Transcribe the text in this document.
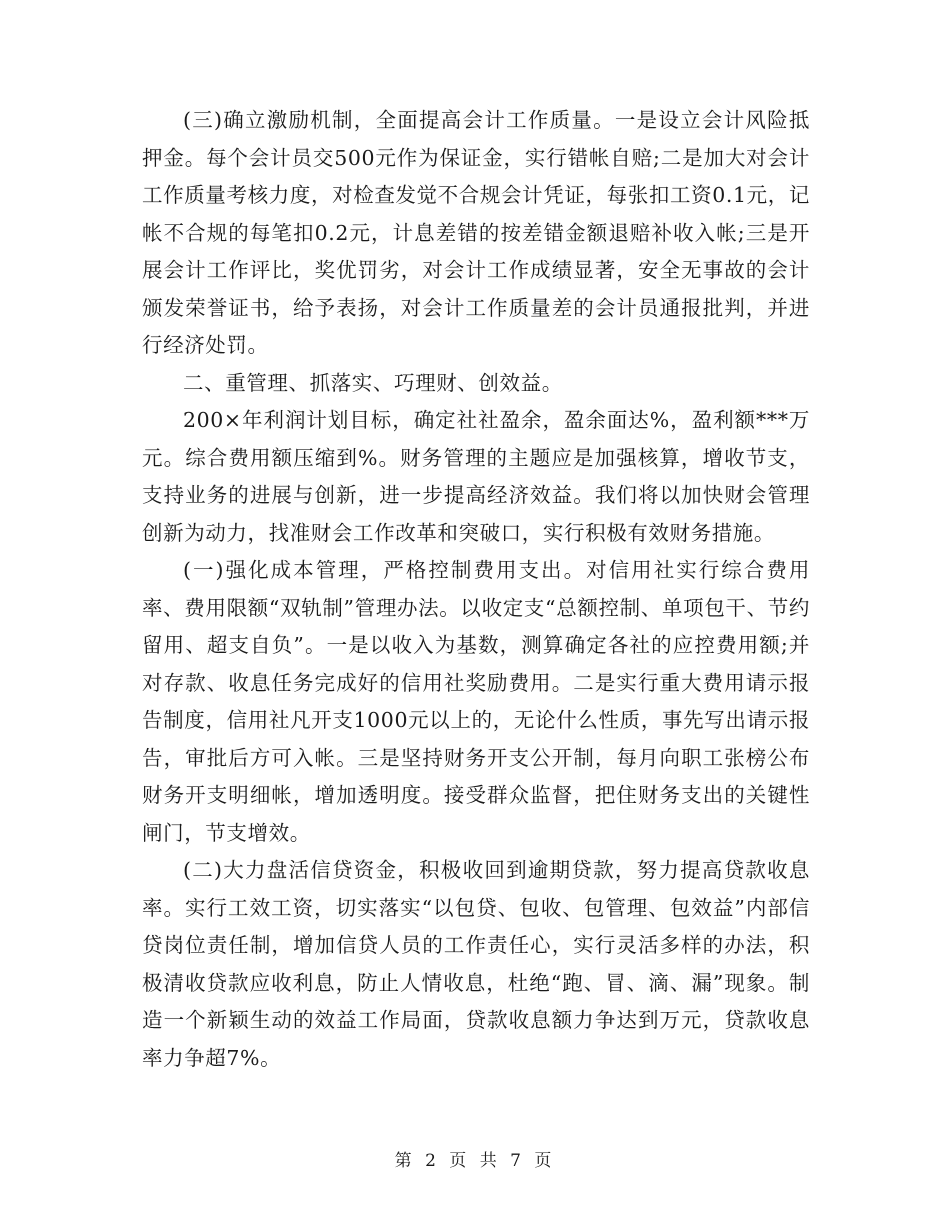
(三)确立激励机制，全面提高会计工作质量。一是设立会计风险抵押金。每个会计员交500元作为保证金，实行错帐自赔;二是加大对会计工作质量考核力度，对检查发觉不合规会计凭证，每张扣工资0.1元，记帐不合规的每笔扣0.2元，计息差错的按差错金额退赔补收入帐;三是开展会计工作评比，奖优罚劣，对会计工作成绩显著，安全无事故的会计颁发荣誉证书，给予表扬，对会计工作质量差的会计员通报批判，并进行经济处罚。

二、重管理、抓落实、巧理财、创效益。

200×年利润计划目标，确定社社盈余，盈余面达%，盈利额***万元。综合费用额压缩到%。财务管理的主题应是加强核算，增收节支，支持业务的进展与创新，进一步提高经济效益。我们将以加快财会管理创新为动力，找准财会工作改革和突破口，实行积极有效财务措施。

(一)强化成本管理，严格控制费用支出。对信用社实行综合费用率、费用限额“双轨制”管理办法。以收定支“总额控制、单项包干、节约留用、超支自负”。一是以收入为基数，测算确定各社的应控费用额;并对存款、收息任务完成好的信用社奖励费用。二是实行重大费用请示报告制度，信用社凡开支1000元以上的，无论什么性质，事先写出请示报告，审批后方可入帐。三是坚持财务开支公开制，每月向职工张榜公布财务开支明细帐，增加透明度。接受群众监督，把住财务支出的关键性闸门，节支增效。

(二)大力盘活信贷资金，积极收回到逾期贷款，努力提高贷款收息率。实行工效工资，切实落实“以包贷、包收、包管理、包效益”内部信贷岗位责任制，增加信贷人员的工作责任心，实行灵活多样的办法，积极清收贷款应收利息，防止人情收息，杜绝“跑、冒、滴、漏”现象。制造一个新颖生动的效益工作局面，贷款收息额力争达到万元，贷款收息率力争超7%。

第 2 页 共 7 页
